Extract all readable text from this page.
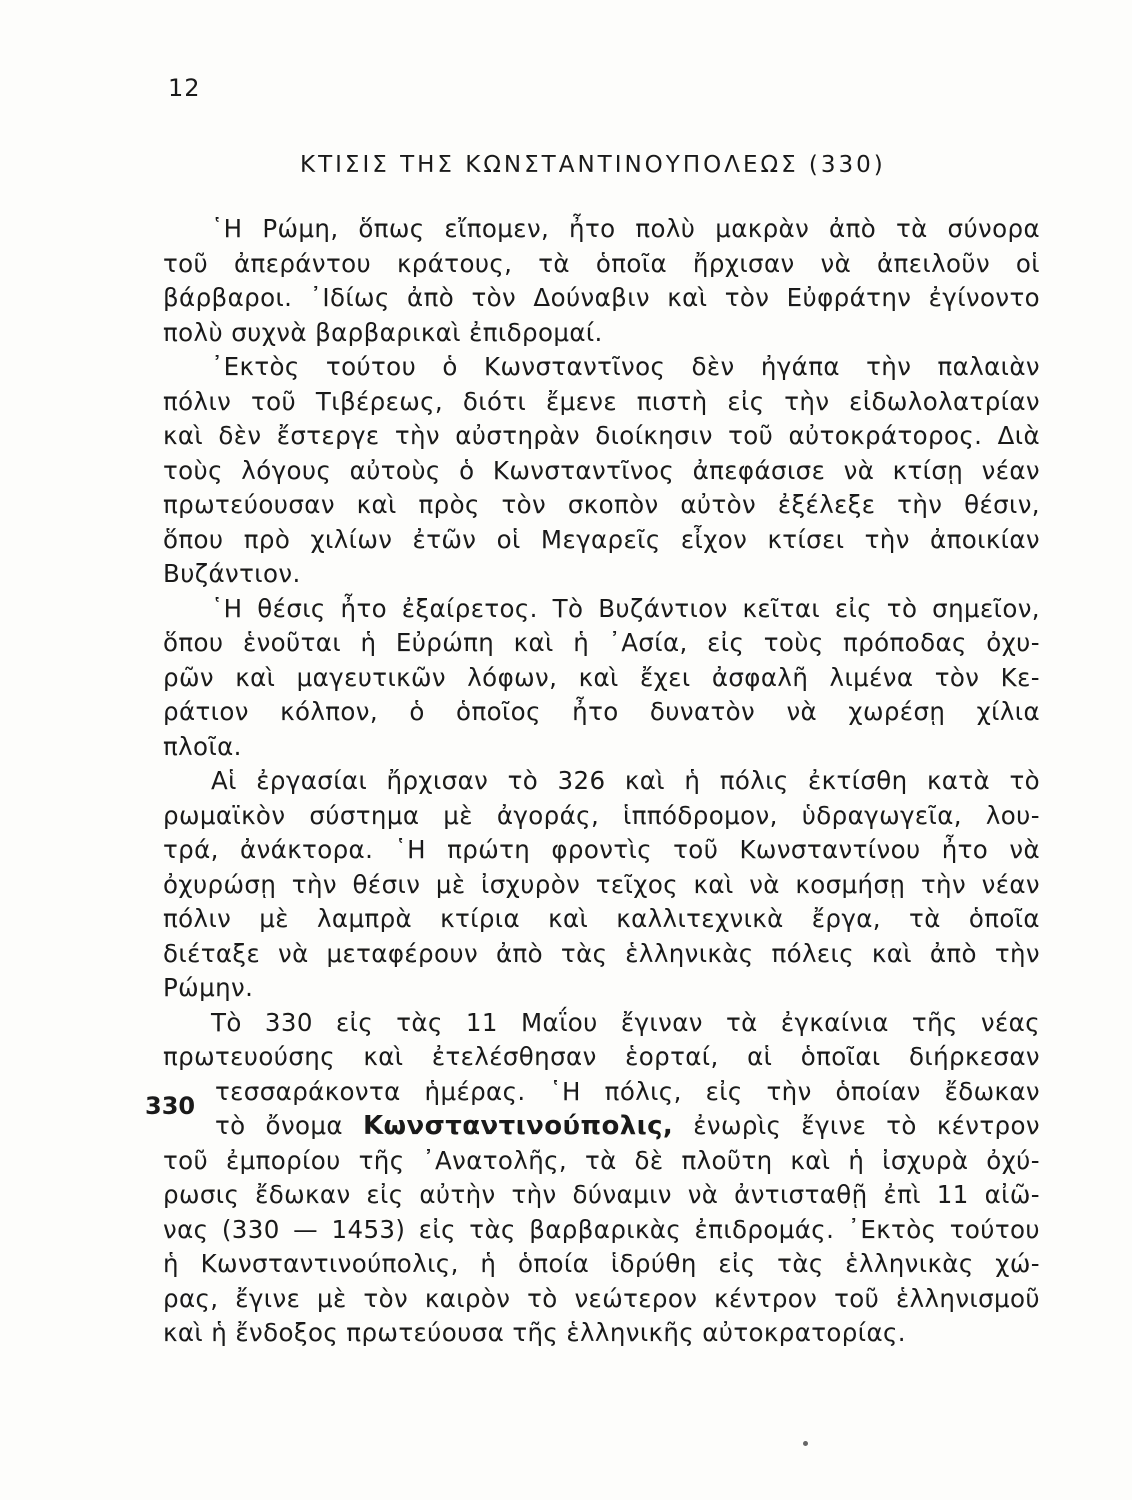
12
ΚΤΙΣΙΣ ΤΗΣ ΚΩΝΣΤΑΝΤΙΝΟΥΠΟΛΕΩΣ (330)
῾Η Ρώμη, ὅπως εἴπομεν, ἦτο πολὺ μακρὰν ἀπὸ τὰ σύνορα
τοῦ ἀπεράντου κράτους, τὰ ὁποῖα ἤρχισαν νὰ ἀπειλοῦν οἱ
βάρβαροι. ᾿Ιδίως ἀπὸ τὸν Δούναβιν καὶ τὸν Εὐφράτην ἐγίνοντο
πολὺ συχνὰ βαρβαρικαὶ ἐπιδρομαί.
᾿Εκτὸς τούτου ὁ Κωνσταντῖνος δὲν ἠγάπα τὴν παλαιὰν
πόλιν τοῦ Τιβέρεως, διότι ἔμενε πιστὴ εἰς τὴν εἰδωλολατρίαν
καὶ δὲν ἔστεργε τὴν αὐστηρὰν διοίκησιν τοῦ αὐτοκράτορος. Διὰ
τοὺς λόγους αὐτοὺς ὁ Κωνσταντῖνος ἀπεφάσισε νὰ κτίσῃ νέαν
πρωτεύουσαν καὶ πρὸς τὸν σκοπὸν αὐτὸν ἐξέλεξε τὴν θέσιν,
ὅπου πρὸ χιλίων ἐτῶν οἱ Μεγαρεῖς εἶχον κτίσει τὴν ἀποικίαν
Βυζάντιον.
῾Η θέσις ἦτο ἐξαίρετος. Τὸ Βυζάντιον κεῖται εἰς τὸ σημεῖον,
ὅπου ἑνοῦται ἡ Εὐρώπη καὶ ἡ ᾿Ασία, εἰς τοὺς πρόποδας ὀχυ-
ρῶν καὶ μαγευτικῶν λόφων, καὶ ἔχει ἀσφαλῆ λιμένα τὸν Κε-
ράτιον κόλπον, ὁ ὁποῖος ἦτο δυνατὸν νὰ χωρέσῃ χίλια
πλοῖα.
Αἱ ἐργασίαι ἤρχισαν τὸ 326 καὶ ἡ πόλις ἐκτίσθη κατὰ τὸ
ρωμαϊκὸν σύστημα μὲ ἀγοράς, ἱππόδρομον, ὑδραγωγεῖα, λου-
τρά, ἀνάκτορα. ῾Η πρώτη φροντὶς τοῦ Κωνσταντίνου ἦτο νὰ
ὀχυρώσῃ τὴν θέσιν μὲ ἰσχυρὸν τεῖχος καὶ νὰ κοσμήσῃ τὴν νέαν
πόλιν μὲ λαμπρὰ κτίρια καὶ καλλιτεχνικὰ ἔργα, τὰ ὁποῖα
διέταξε νὰ μεταφέρουν ἀπὸ τὰς ἑλληνικὰς πόλεις καὶ ἀπὸ τὴν
Ρώμην.
Τὸ 330 εἰς τὰς 11 Μαΐου ἔγιναν τὰ ἐγκαίνια τῆς νέας
πρωτευούσης καὶ ἐτελέσθησαν ἑορταί, αἱ ὁποῖαι διήρκεσαν
τεσσαράκοντα ἡμέρας. ῾Η πόλις, εἰς τὴν ὁποίαν ἔδωκαν
τὸ ὄνομα Κωνσταντινούπολις, ἐνωρὶς ἔγινε τὸ κέντρον
τοῦ ἐμπορίου τῆς ᾿Ανατολῆς, τὰ δὲ πλοῦτη καὶ ἡ ἰσχυρὰ ὀχύ-
ρωσις ἔδωκαν εἰς αὐτὴν τὴν δύναμιν νὰ ἀντισταθῇ ἐπὶ 11 αἰῶ-
νας (330 — 1453) εἰς τὰς βαρβαρικὰς ἐπιδρομάς. ᾿Εκτὸς τούτου
ἡ Κωνσταντινούπολις, ἡ ὁποία ἱδρύθη εἰς τὰς ἑλληνικὰς χώ-
ρας, ἔγινε μὲ τὸν καιρὸν τὸ νεώτερον κέντρον τοῦ ἑλληνισμοῦ
καὶ ἡ ἔνδοξος πρωτεύουσα τῆς ἑλληνικῆς αὐτοκρατορίας.
330
